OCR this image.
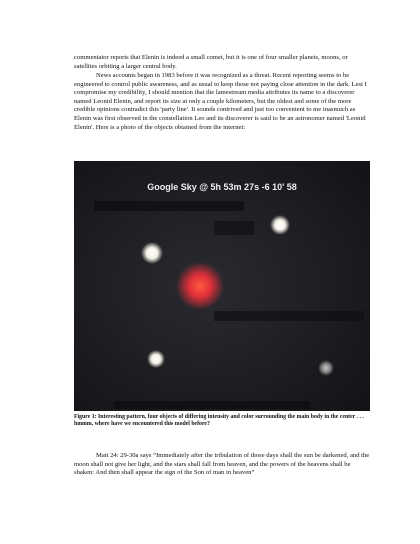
commentator reports that Elenin is indeed a small comet, but it is one of four smaller planets, moons, or satellites orbiting a larger central body.

News accounts began in 1983 before it was recognized as a threat. Recent reporting seems to be engineered to control public awareness, and as usual to keep those not paying close attention in the dark. Lest I compromise my credibility, I should mention that the lamestream media attributes its name to a discoverer named Leonid Elenin, and report its size at only a couple kilometers, but the oldest and some of the more credible opinions contradict this 'party line'. It sounds contrived and just too convenient to me inasmuch as Elenin was first observed in the constellation Leo and its discoverer is said to be an astronomer named 'Leonid Elenin'. Here is a photo of the objects obtained from the internet:

Google Sky @ 5h 53m 27s -6 10' 58

Figure 1: Interesting pattern, four objects of differing intensity and color surrounding the main body in the center . . . hmmm, where have we encountered this model before?

Matt 24: 29-30a says “Immediately after the tribulation of those days shall the sun be darkened, and the moon shall not give her light, and the stars shall fall from heaven, and the powers of the heavens shall be shaken: And then shall appear the sign of the Son of man in heaven”
